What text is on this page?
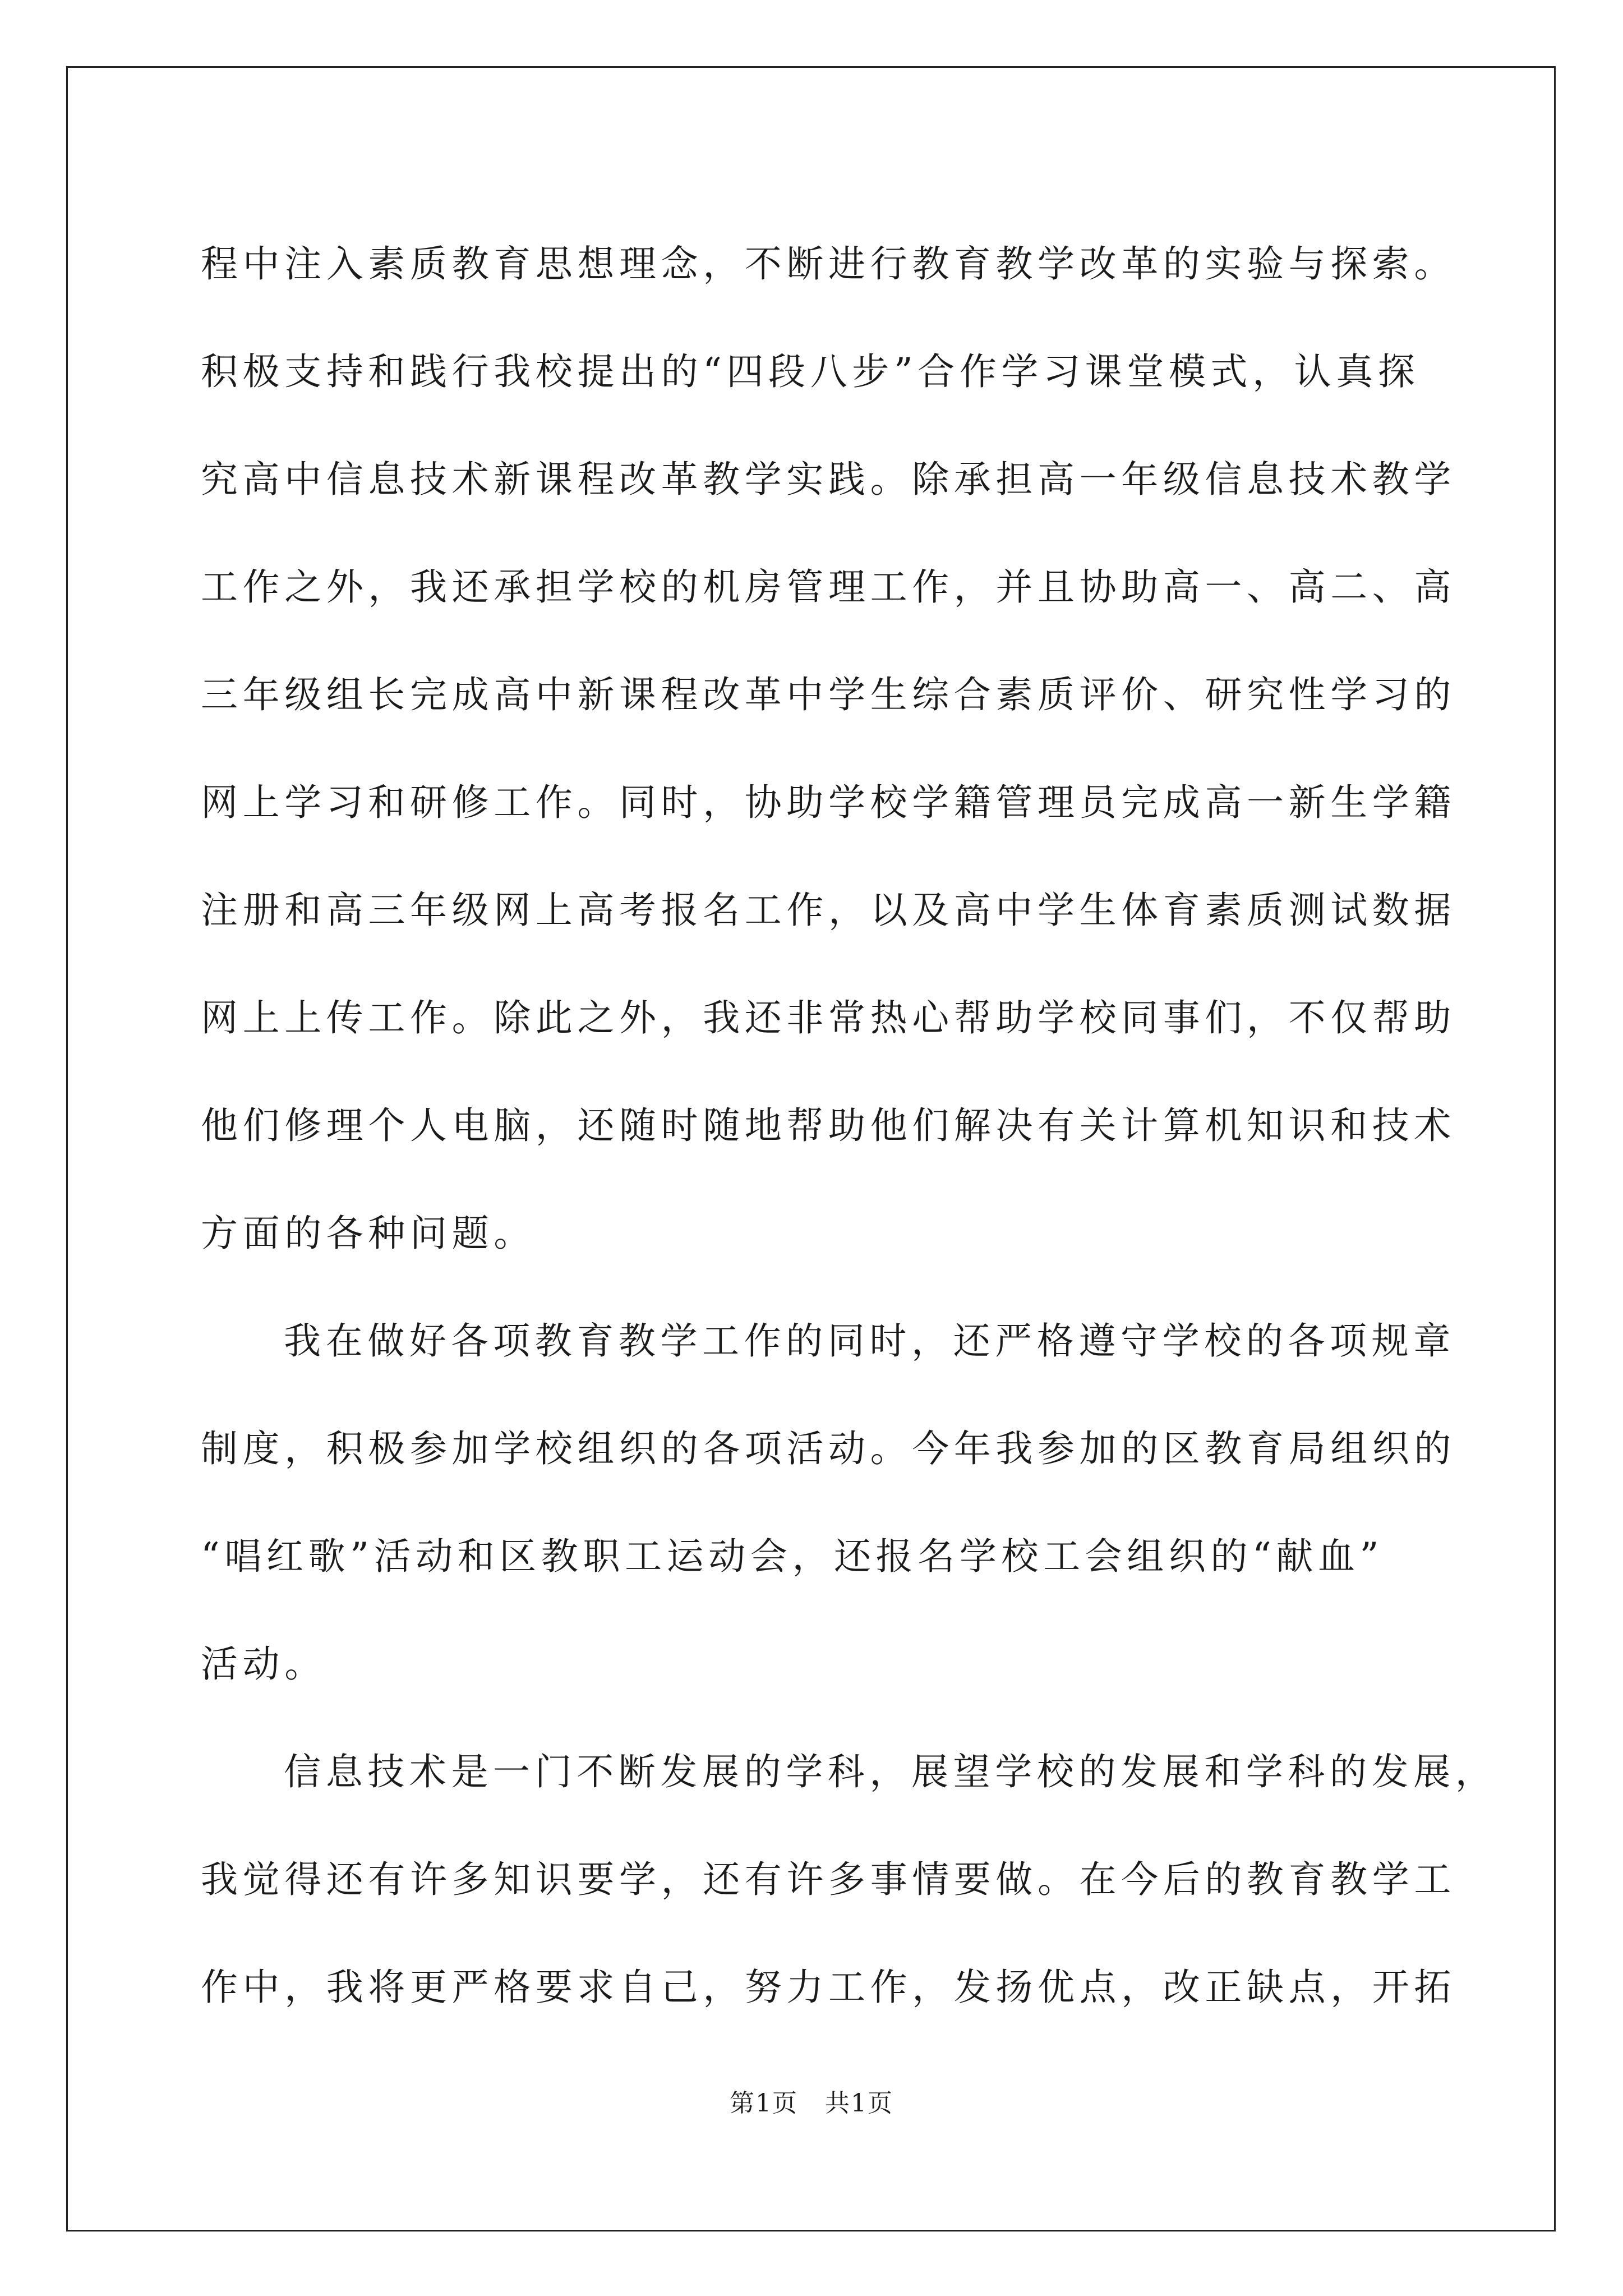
程中注入素质教育思想理念，不断进行教育教学改革的实验与探索。
积极支持和践行我校提出的“四段八步”合作学习课堂模式，认真探
究高中信息技术新课程改革教学实践。除承担高一年级信息技术教学
工作之外，我还承担学校的机房管理工作，并且协助高一、高二、高
三年级组长完成高中新课程改革中学生综合素质评价、研究性学习的
网上学习和研修工作。同时，协助学校学籍管理员完成高一新生学籍
注册和高三年级网上高考报名工作，以及高中学生体育素质测试数据
网上上传工作。除此之外，我还非常热心帮助学校同事们，不仅帮助
他们修理个人电脑，还随时随地帮助他们解决有关计算机知识和技术
方面的各种问题。
我在做好各项教育教学工作的同时，还严格遵守学校的各项规章
制度，积极参加学校组织的各项活动。今年我参加的区教育局组织的
“唱红歌”活动和区教职工运动会，还报名学校工会组织的“献血”
活动。
信息技术是一门不断发展的学科，展望学校的发展和学科的发展，
我觉得还有许多知识要学，还有许多事情要做。在今后的教育教学工
作中，我将更严格要求自己，努力工作，发扬优点，改正缺点，开拓
第1页 共1页
